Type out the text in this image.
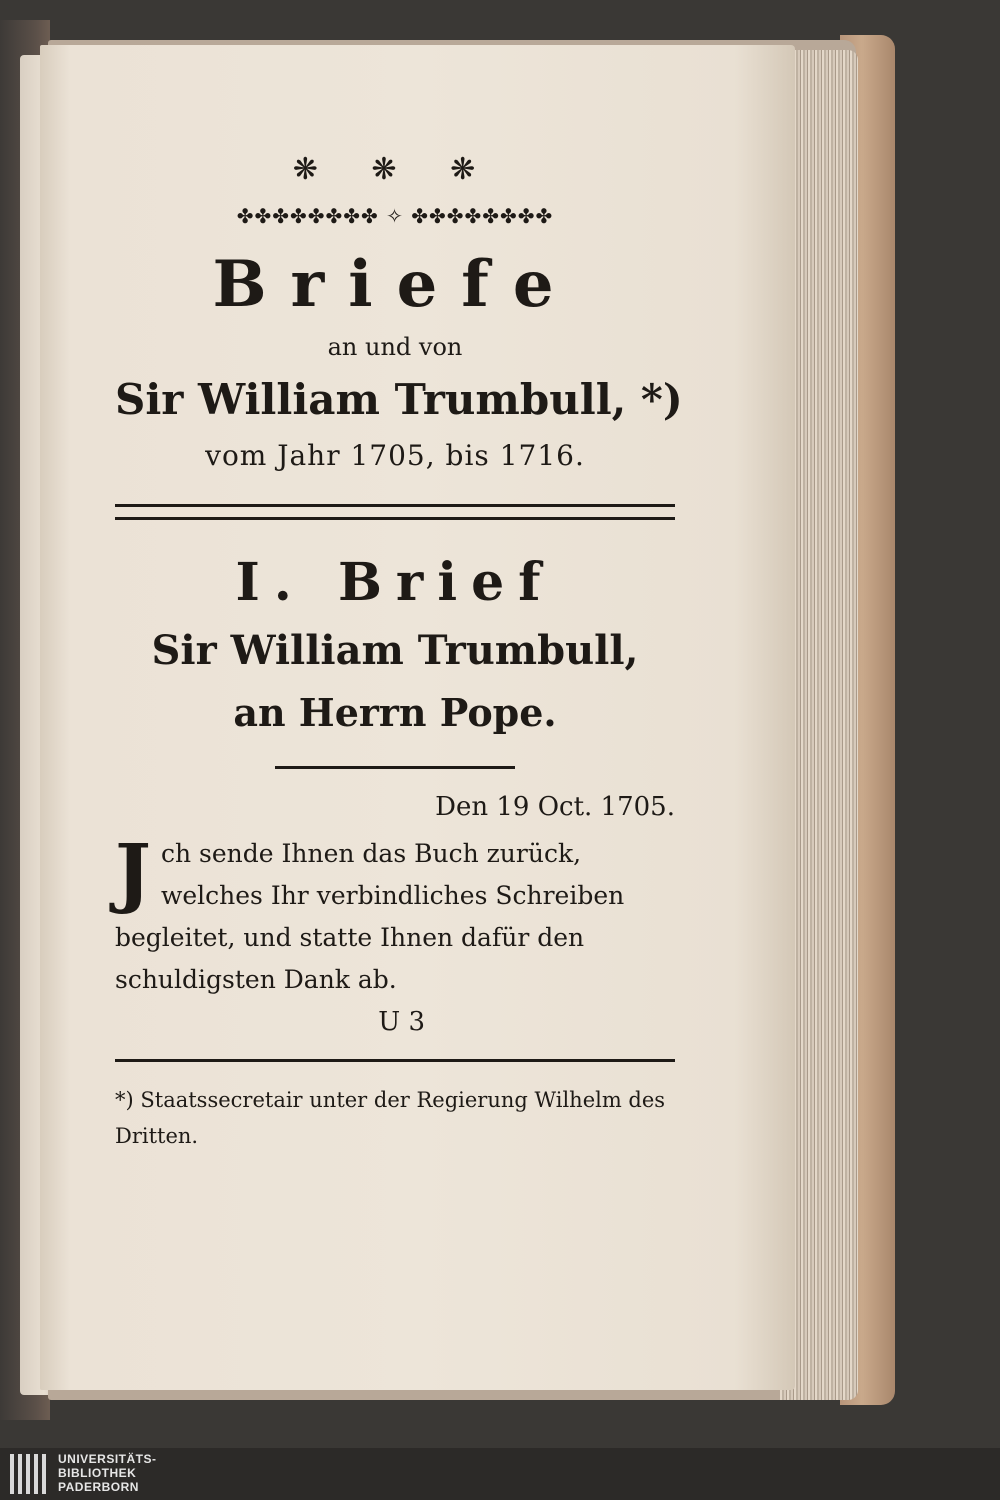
❋ ❋ ❋
✤✤✤✤✤✤✤✤ ✧ ✤✤✤✤✤✤✤✤
Briefe
an und von
Sir William Trumbull, *)
vom Jahr 1705, bis 1716.
I. Brief
Sir William Trumbull,
an Herrn Pope.
Den 19 Oct. 1705.
Jch sende Ihnen das Buch zurück, welches Ihr verbindliches Schreiben begleitet, und statte Ihnen dafür den schuldigsten Dank ab.
U 3
*) Staatssecretair unter der Regierung Wilhelm des Dritten.
UNIVERSITÄTS-
BIBLIOTHEK
PADERBORN
